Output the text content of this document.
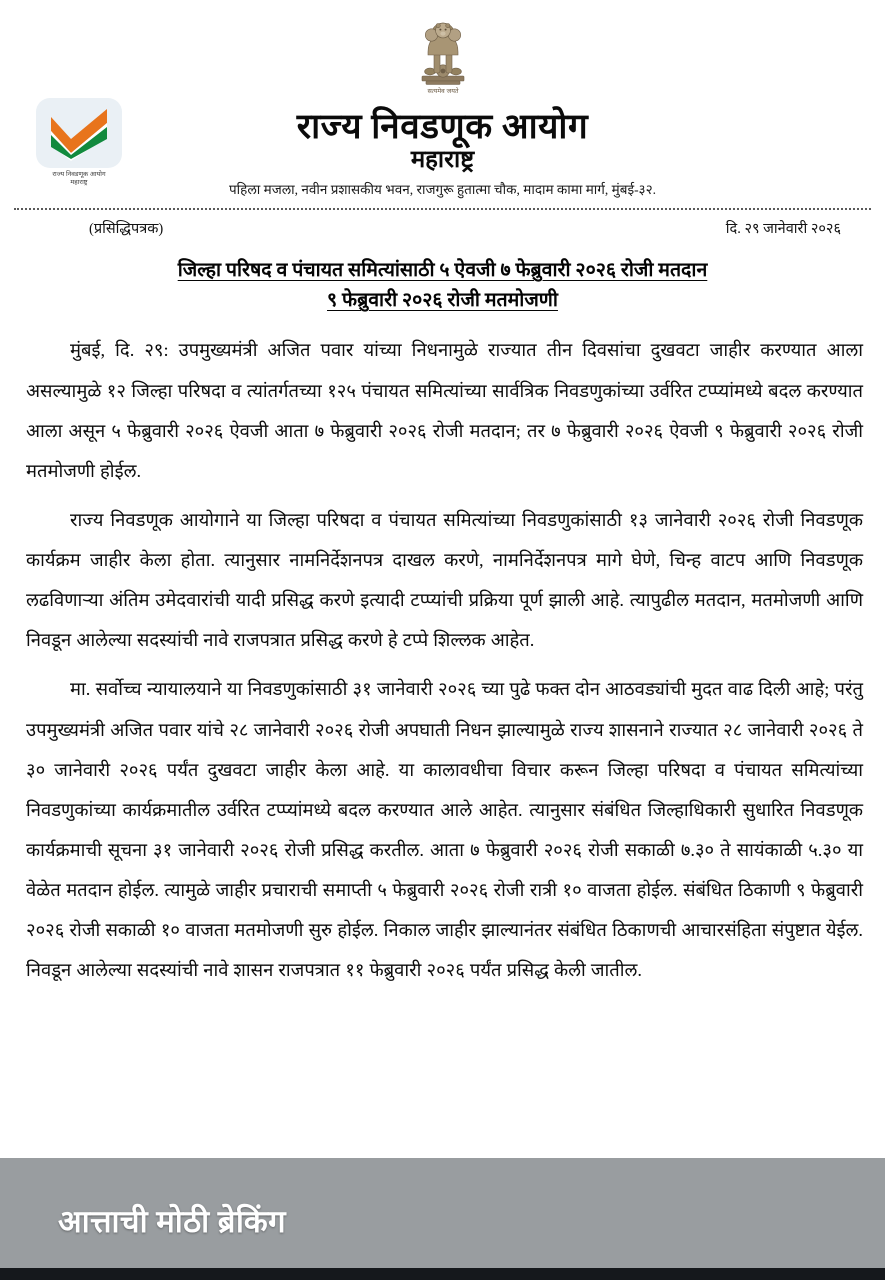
सत्यमेव जयते
राज्य निवडणूक आयोग
महाराष्ट्र
राज्य निवडणूक आयोग
महाराष्ट्र
पहिला मजला, नवीन प्रशासकीय भवन, राजगुरू हुतात्मा चौक, मादाम कामा मार्ग, मुंबई-३२.
(प्रसिद्धिपत्रक)	दि. २९ जानेवारी २०२६
जिल्हा परिषद व पंचायत समित्यांसाठी ५ ऐवजी ७ फेब्रुवारी २०२६ रोजी मतदान
९ फेब्रुवारी २०२६ रोजी मतमोजणी

मुंबई, दि. २९: उपमुख्यमंत्री अजित पवार यांच्या निधनामुळे राज्यात तीन दिवसांचा दुखवटा जाहीर करण्यात आला असल्यामुळे १२ जिल्हा परिषदा व त्यांतर्गतच्या १२५ पंचायत समित्यांच्या सार्वत्रिक निवडणुकांच्या उर्वरित टप्प्यांमध्ये बदल करण्यात आला असून ५ फेब्रुवारी २०२६ ऐवजी आता ७ फेब्रुवारी २०२६ रोजी मतदान; तर ७ फेब्रुवारी २०२६ ऐवजी ९ फेब्रुवारी २०२६ रोजी मतमोजणी होईल.

राज्य निवडणूक आयोगाने या जिल्हा परिषदा व पंचायत समित्यांच्या निवडणुकांसाठी १३ जानेवारी २०२६ रोजी निवडणूक कार्यक्रम जाहीर केला होता. त्यानुसार नामनिर्देशनपत्र दाखल करणे, नामनिर्देशनपत्र मागे घेणे, चिन्ह वाटप आणि निवडणूक लढविणाऱ्या अंतिम उमेदवारांची यादी प्रसिद्ध करणे इत्यादी टप्प्यांची प्रक्रिया पूर्ण झाली आहे. त्यापुढील मतदान, मतमोजणी आणि निवडून आलेल्या सदस्यांची नावे राजपत्रात प्रसिद्ध करणे हे टप्पे शिल्लक आहेत.

मा. सर्वोच्च न्यायालयाने या निवडणुकांसाठी ३१ जानेवारी २०२६ च्या पुढे फक्त दोन आठवड्यांची मुदत वाढ दिली आहे; परंतु उपमुख्यमंत्री अजित पवार यांचे २८ जानेवारी २०२६ रोजी अपघाती निधन झाल्यामुळे राज्य शासनाने राज्यात २८ जानेवारी २०२६ ते ३० जानेवारी २०२६ पर्यंत दुखवटा जाहीर केला आहे. या कालावधीचा विचार करून जिल्हा परिषदा व पंचायत समित्यांच्या निवडणुकांच्या कार्यक्रमातील उर्वरित टप्प्यांमध्ये बदल करण्यात आले आहेत. त्यानुसार संबंधित जिल्हाधिकारी सुधारित निवडणूक कार्यक्रमाची सूचना ३१ जानेवारी २०२६ रोजी प्रसिद्ध करतील. आता ७ फेब्रुवारी २०२६ रोजी सकाळी ७.३० ते सायंकाळी ५.३० या वेळेत मतदान होईल. त्यामुळे जाहीर प्रचाराची समाप्ती ५ फेब्रुवारी २०२६ रोजी रात्री १० वाजता होईल. संबंधित ठिकाणी ९ फेब्रुवारी २०२६ रोजी सकाळी १० वाजता मतमोजणी सुरु होईल. निकाल जाहीर झाल्यानंतर संबंधित ठिकाणची आचारसंहिता संपुष्टात येईल. निवडून आलेल्या सदस्यांची नावे शासन राजपत्रात ११ फेब्रुवारी २०२६ पर्यंत प्रसिद्ध केली जातील.

आत्ताची मोठी ब्रेकिंग
